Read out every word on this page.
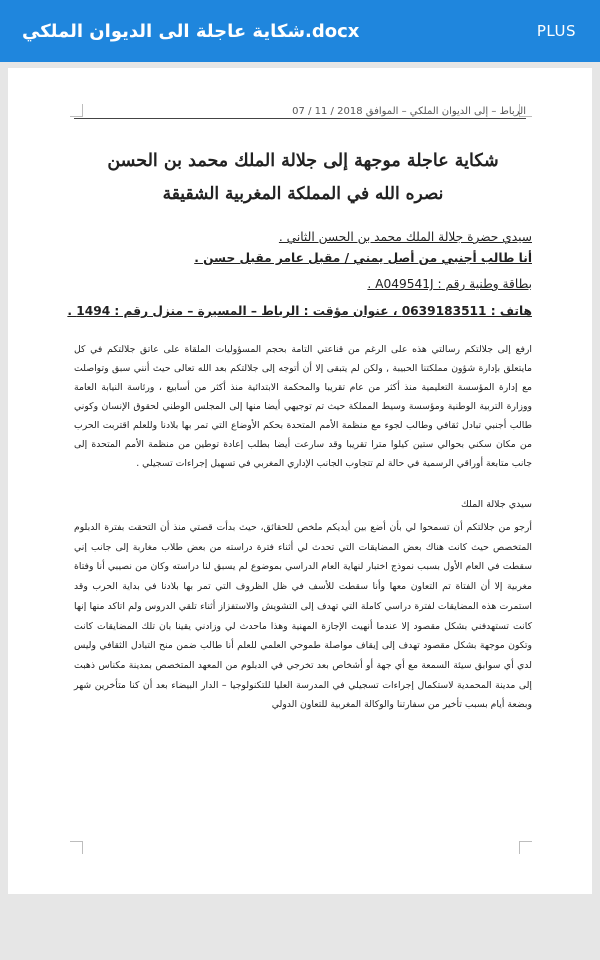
شكاية عاجلة الى الديوان الملكي.docx	PLUS
الرباط – إلى الديوان الملكي – الموافق 2018 / 11 / 07
شكاية عاجلة موجهة إلى جلالة الملك محمد بن الحسن
نصره الله في المملكة المغربية الشقيقة
سيدي حضرة جلالة الملك محمد بن الحسن الثاني .
أنا طالب أجنبي من أصل يمني / مقبل عامر مقبل حسن .
بطاقة وطنية رقم : A049541J .
هاتف : 0639183511 ، عنوان مؤقت : الرباط – المسيرة – منزل رقم : 1494 .
ارفع إلى جلالتكم رسالتي هذه على الرغم من قناعتي التامة بحجم المسؤوليات الملقاة على عاتق جلالتكم في كل مايتعلق بإدارة شؤون مملكتنا الحبيبة , ولكن لم يتبقى إلا أن أتوجه إلى جلالتكم بعد الله تعالى حيث أنني سبق وتواصلت مع إدارة المؤسسة التعليمية منذ أكثر من عام تقريبا والمحكمة الابتدائية منذ أكثر من أسابيع ، ورئاسة النيابة العامة ووزارة التربية الوطنية ومؤسسة وسيط المملكة حيث تم توجيهي أيضا منها إلى المجلس الوطني لحقوق الإنسان وكوني طالب أجنبي تبادل ثقافي وطالب لجوء مع منظمة الأمم المتحدة بحكم الأوضاع التي تمر بها بلادنا وللعلم اقتربت الحرب من مكان سكني بحوالي ستين كيلوا مترا تقريبا وقد سارعت أيضا بطلب إعادة توطين من منظمة الأمم المتحدة إلى جانب متابعة أوراقي الرسمية في حالة لم تتجاوب الجانب الإداري المغربي في تسهيل إجراءات تسجيلي .
سيدي جلالة الملك
أرجو من جلالتكم أن تسمحوا لي بأن أضع بين أيديكم ملخص للحقائق، حيث بدأت قصتي منذ أن التحقت بفترة الدبلوم المتخصص حيث كانت هناك بعض المضايقات التي تحدث لي أثناء فترة دراسته من بعض طلاب مغاربة إلى جانب إني سقطت في العام الأول بسبب نموذج اختبار لنهاية العام الدراسي بموضوع لم يسبق لنا دراسته وكان من نصيبي أنا وفتاة مغربية إلا أن الفتاة تم التعاون معها وأنا سقطت للأسف في ظل الظروف التي تمر بها بلادنا في بداية الحرب وقد استمرت هذه المضايقات لفترة دراسي كاملة التي تهدف إلى التشويش والاستفزاز أثناء تلقي الدروس ولم اتاكد منها إنها كانت تستهدفني بشكل مقصود إلا عندما أنهيت الإجازة المهنية وهذا ماحدث لي وزادني يقينا بان تلك المضايقات كانت وتكون موجهة بشكل مقصود تهدف إلى إيقاف مواصلة طموحي العلمي للعلم أنا طالب ضمن منح التبادل الثقافي وليس لدي أي سوابق سيئة السمعة مع أي جهة أو أشخاص بعد تخرجي في الدبلوم من المعهد المتخصص بمدينة مكناس ذهبت إلى مدينة المحمدية لاستكمال إجراءات تسجيلي في المدرسة العليا للتكنولوجيا – الدار البيضاء بعد أن كنا متأخرين شهر وبضعة أيام بسبب تأخير من سفارتنا والوكالة المغربية للتعاون الدولي
